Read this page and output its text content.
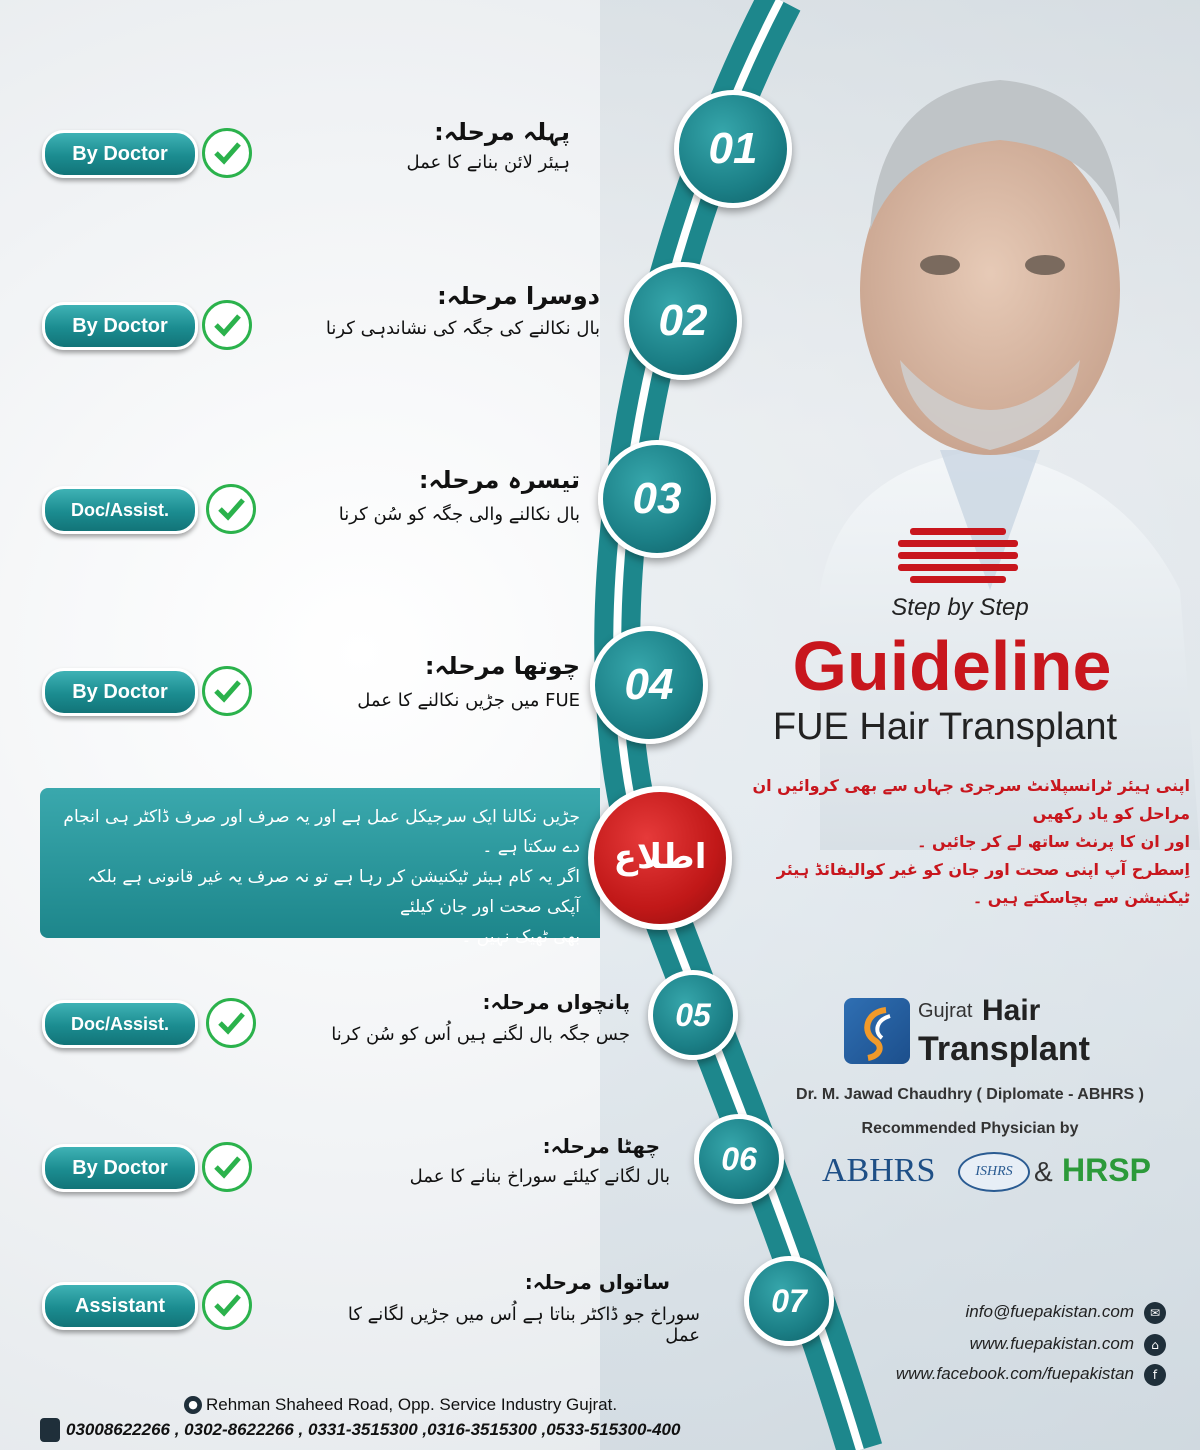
By Doctor
پہلہ مرحلہ:
ہیئر لائن بنانے کا عمل	01
By Doctor
دوسرا مرحلہ:
بال نکالنے کی جگہ کی نشاندہی کرنا	02
Doc/Assist.
تیسرہ مرحلہ:
بال نکالنے والی جگہ کو سُن کرنا	03
By Doctor
چوتھا مرحلہ:
FUE میں جڑیں نکالنے کا عمل	04
جڑیں نکالنا ایک سرجیکل عمل ہے اور یہ صرف اور صرف ڈاکٹر ہی انجام دے سکتا ہے ۔
اگر یہ کام ہیئر ٹیکنیشن کر رہا ہے تو نہ صرف یہ غیر قانونی ہے بلکہ آپکی صحت اور جان کیلئے
بھی ٹھیک نہیں ۔
اطلاع
Doc/Assist.
پانچواں مرحلہ:
جس جگہ بال لگنے ہیں اُس کو سُن کرنا
05
By Doctor
چھٹا مرحلہ:
بال لگانے کیلئے سوراخ بنانے کا عمل	06
Assistant
ساتواں مرحلہ:
سوراخ جو ڈاکٹر بناتا ہے اُس میں جڑیں لگانے کا عمل
07
Step by Step
Guideline
FUE Hair Transplant
اپنی ہیئر ٹرانسپلانٹ سرجری جہاں سے بھی کروائیں ان مراحل کو یاد رکھیں
اور ان کا پرنٹ ساتھ لے کر جائیں ۔
اِسطرح آپ اپنی صحت اور جان کو غیر کوالیفائڈ ہیئر ٹیکنیشن سے بچاسکتے ہیں ۔
Gujrat Hair
Transplant
Dr. M. Jawad Chaudhry ( Diplomate - ABHRS )
Recommended Physician by
ABHRS	ISHRS & HRSP
info@fuepakistan.com	✉
www.fuepakistan.com	⌂
www.facebook.com/fuepakistan	f
● Rehman Shaheed Road, Opp. Service Industry Gujrat.
03008622266 , 0302-8622266 , 0331-3515300 ,0316-3515300 ,0533-515300-400
